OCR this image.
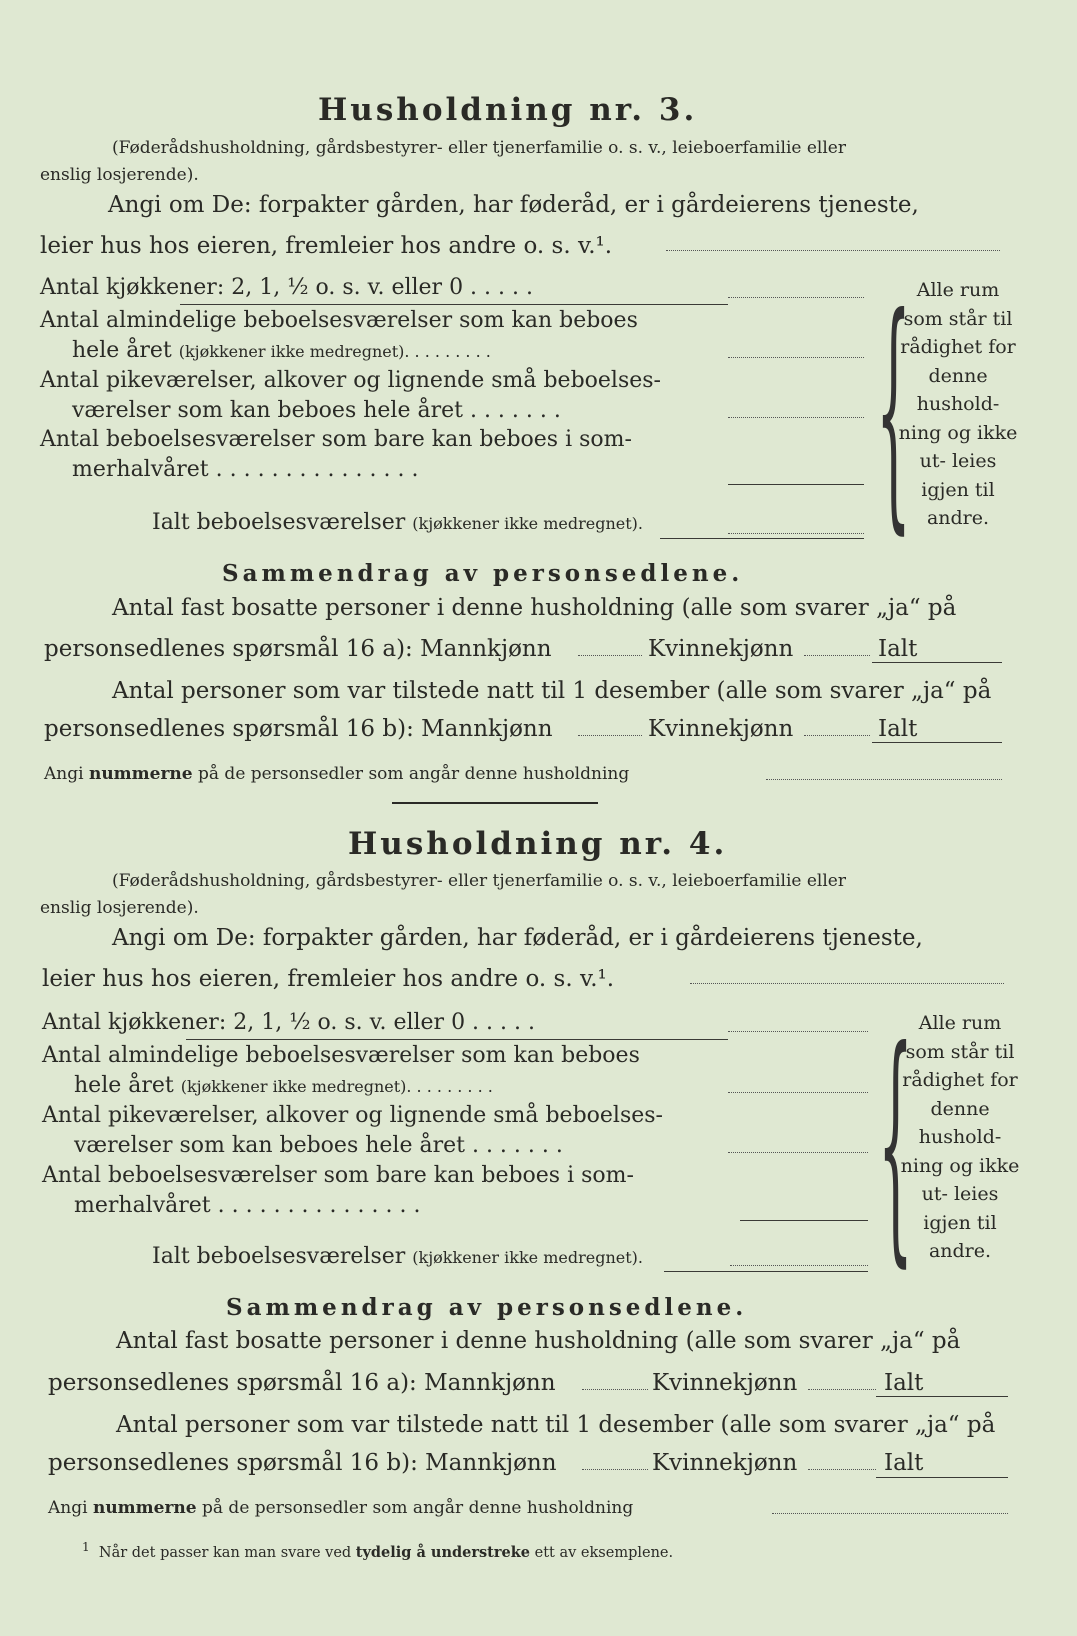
Husholdning nr. 3.
(Føderådshusholdning, gårdsbestyrer- eller tjenerfamilie o. s. v., leieboerfamilie eller
enslig losjerende).
Angi om De: forpakter gården, har føderåd, er i gårdeierens tjeneste,
leier hus hos eieren, fremleier hos andre o. s. v.¹.
Antal kjøkkener: 2, 1, ½ o. s. v. eller 0 . . . . .
Antal almindelige beboelsesværelser som kan beboes
hele året (kjøkkener ikke medregnet). . . . . . . . .
Antal pikeværelser, alkover og lignende små beboelses-
værelser som kan beboes hele året . . . . . . .
Antal beboelsesværelser som bare kan beboes i som-
merhalvåret . . . . . . . . . . . . . . .
Ialt beboelsesværelser (kjøkkener ikke medregnet). { Alle rum som står til rådighet for denne hushold- ning og ikke ut- leies igjen til andre.
Sammendrag av personsedlene.
Antal fast bosatte personer i denne husholdning (alle som svarer „ja“ på
personsedlenes spørsmål 16 a): Mannkjønn	Kvinnekjønn	Ialt
Antal personer som var tilstede natt til 1 desember (alle som svarer „ja“ på
personsedlenes spørsmål 16 b): Mannkjønn	Kvinnekjønn	Ialt
Angi nummerne på de personsedler som angår denne husholdning
Husholdning nr. 4.
(Føderådshusholdning, gårdsbestyrer- eller tjenerfamilie o. s. v., leieboerfamilie eller
enslig losjerende).
Angi om De: forpakter gården, har føderåd, er i gårdeierens tjeneste,
leier hus hos eieren, fremleier hos andre o. s. v.¹.
Antal kjøkkener: 2, 1, ½ o. s. v. eller 0 . . . . .
Antal almindelige beboelsesværelser som kan beboes
hele året (kjøkkener ikke medregnet). . . . . . . . .
Antal pikeværelser, alkover og lignende små beboelses-
værelser som kan beboes hele året . . . . . . .
Antal beboelsesværelser som bare kan beboes i som-
merhalvåret . . . . . . . . . . . . . . .
Ialt beboelsesværelser (kjøkkener ikke medregnet). { Alle rum som står til rådighet for denne hushold- ning og ikke ut- leies igjen til andre.
Sammendrag av personsedlene.
Antal fast bosatte personer i denne husholdning (alle som svarer „ja“ på
personsedlenes spørsmål 16 a): Mannkjønn	Kvinnekjønn	Ialt
Antal personer som var tilstede natt til 1 desember (alle som svarer „ja“ på
personsedlenes spørsmål 16 b): Mannkjønn	Kvinnekjønn	Ialt
Angi nummerne på de personsedler som angår denne husholdning
$^1$ Når det passer kan man svare ved tydelig å understreke ett av eksemplene.
